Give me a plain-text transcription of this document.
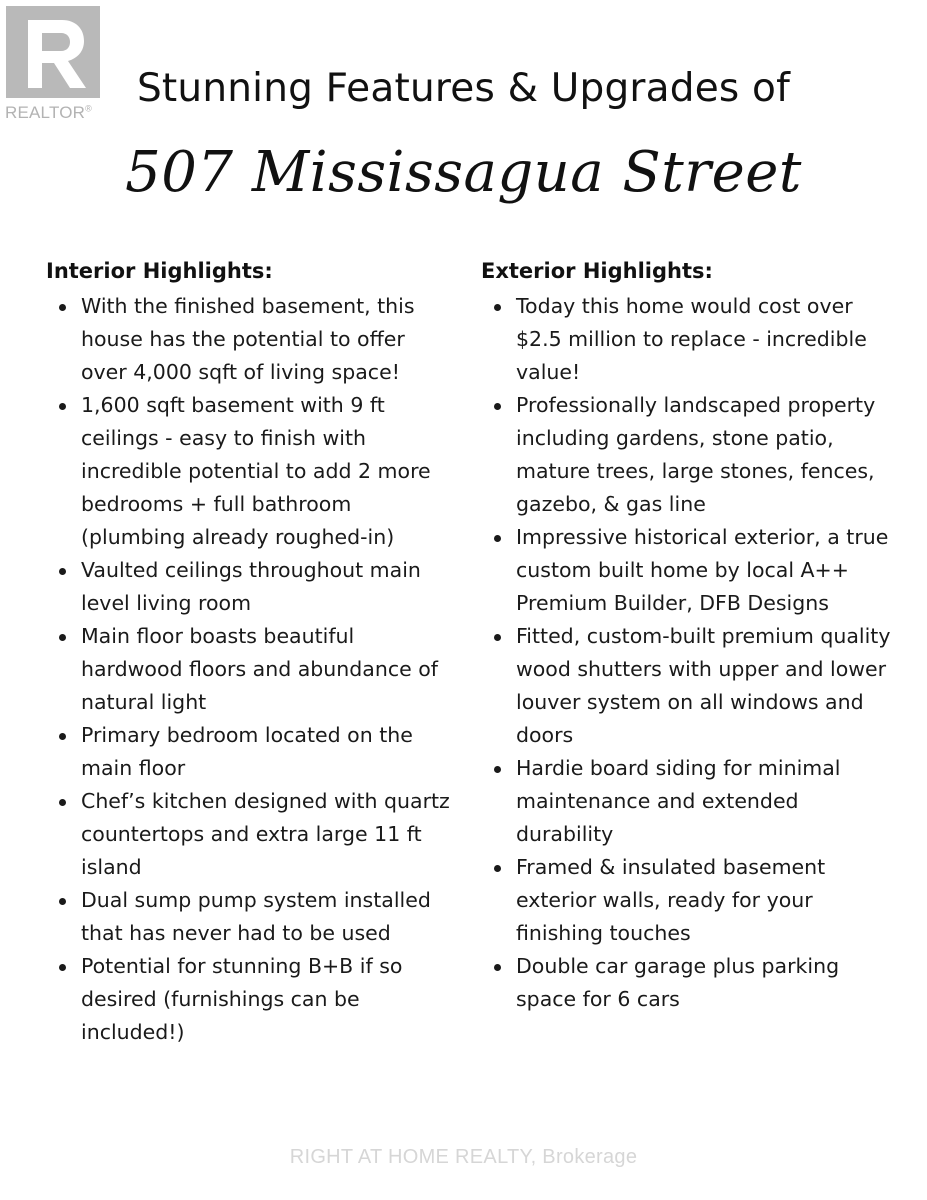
REALTOR®	Stunning Features & Upgrades of
507 Mississagua Street
Interior Highlights:
With the finished basement, this house has the potential to offer over 4,000 sqft of living space!
1,600 sqft basement with 9 ft ceilings - easy to finish with incredible potential to add 2 more bedrooms + full bathroom (plumbing already roughed-in)
Vaulted ceilings throughout main level living room
Main floor boasts beautiful hardwood floors and abundance of natural light
Primary bedroom located on the main floor
Chef’s kitchen designed with quartz countertops and extra large 11 ft island
Dual sump pump system installed that has never had to be used
Potential for stunning B+B if so desired (furnishings can be included!)
Exterior Highlights:
Today this home would cost over $2.5 million to replace - incredible value!
Professionally landscaped property including gardens, stone patio, mature trees, large stones, fences, gazebo, & gas line
Impressive historical exterior, a true custom built home by local A++ Premium Builder, DFB Designs
Fitted, custom-built premium quality wood shutters with upper and lower louver system on all windows and doors
Hardie board siding for minimal maintenance and extended durability
Framed & insulated basement exterior walls, ready for your finishing touches
Double car garage plus parking space for 6 cars
RIGHT AT HOME REALTY, Brokerage
